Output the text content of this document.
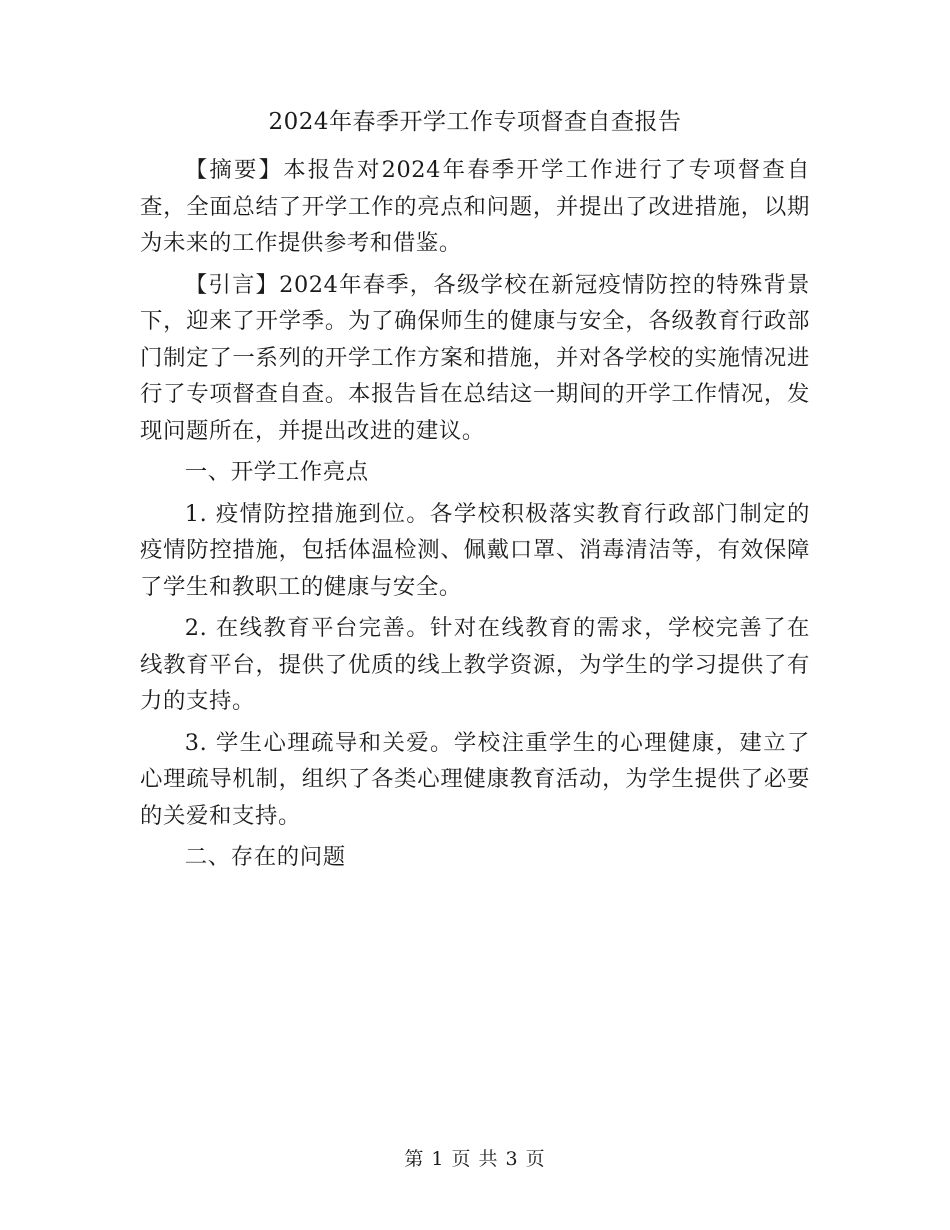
2024年春季开学工作专项督查自查报告

【摘要】本报告对2024年春季开学工作进行了专项督查自查，全面总结了开学工作的亮点和问题，并提出了改进措施，以期为未来的工作提供参考和借鉴。

【引言】2024年春季，各级学校在新冠疫情防控的特殊背景下，迎来了开学季。为了确保师生的健康与安全，各级教育行政部门制定了一系列的开学工作方案和措施，并对各学校的实施情况进行了专项督查自查。本报告旨在总结这一期间的开学工作情况，发现问题所在，并提出改进的建议。

一、开学工作亮点

1. 疫情防控措施到位。各学校积极落实教育行政部门制定的疫情防控措施，包括体温检测、佩戴口罩、消毒清洁等，有效保障了学生和教职工的健康与安全。

2. 在线教育平台完善。针对在线教育的需求，学校完善了在线教育平台，提供了优质的线上教学资源，为学生的学习提供了有力的支持。

3. 学生心理疏导和关爱。学校注重学生的心理健康，建立了心理疏导机制，组织了各类心理健康教育活动，为学生提供了必要的关爱和支持。

二、存在的问题

第 1 页 共 3 页
